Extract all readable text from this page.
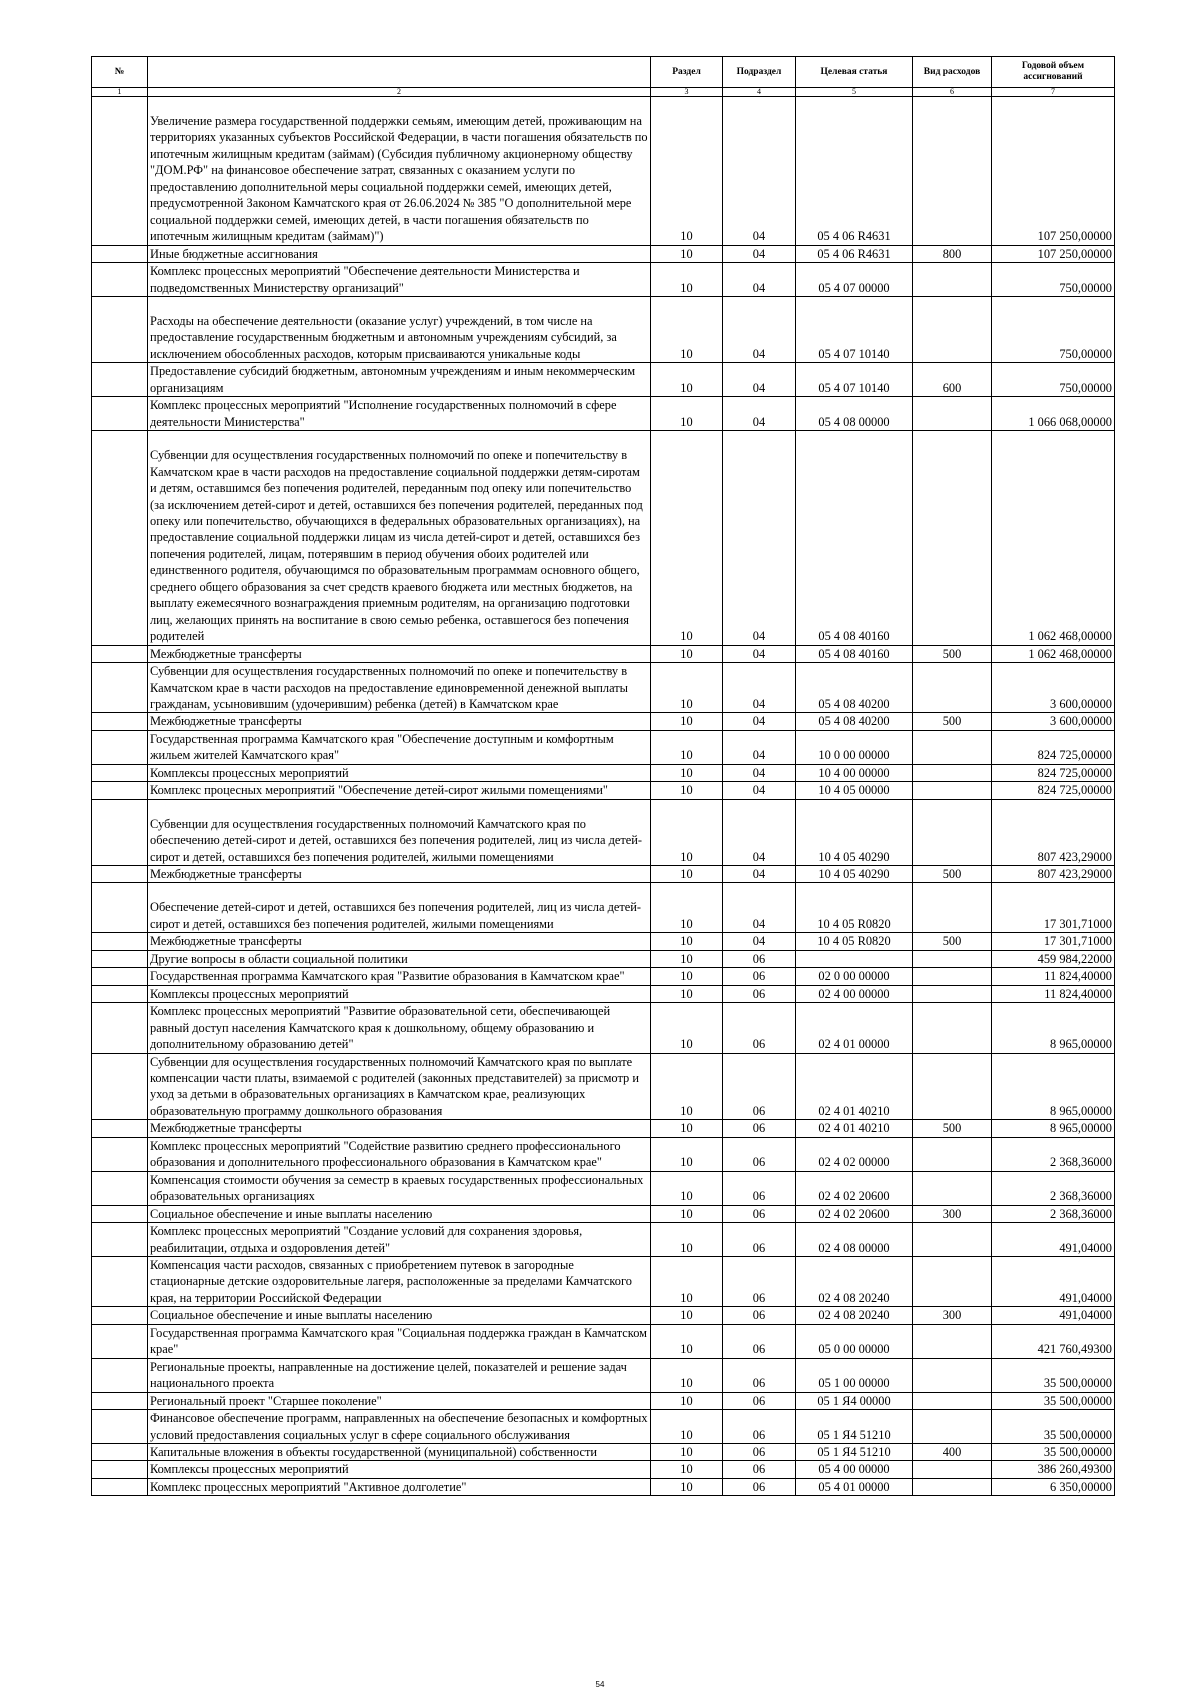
№		Раздел	Подраздел	Целевая статья	Вид расходов	Годовой объем ассигнований
1	2	3	4	5	6	7
	Увеличение размера государственной поддержки семьям, имеющим детей, проживающим на территориях указанных субъектов Российской Федерации, в части погашения обязательств по ипотечным жилищным кредитам (займам) (Субсидия публичному акционерному обществу "ДОМ.РФ" на финансовое обеспечение затрат, связанных с оказанием услуги по предоставлению дополнительной меры социальной поддержки семей, имеющих детей, предусмотренной Законом Камчатского края от 26.06.2024 № 385 "О дополнительной мере социальной поддержки семей, имеющих детей, в части погашения обязательств по ипотечным жилищным кредитам (займам)")	10	04	05 4 06 R4631		107 250,00000
	Иные бюджетные ассигнования	10	04	05 4 06 R4631	800	107 250,00000
	Комплекс процессных мероприятий "Обеспечение деятельности Министерства и подведомственных Министерству организаций"	10	04	05 4 07 00000		750,00000
	Расходы на обеспечение деятельности (оказание услуг) учреждений, в том числе на предоставление государственным бюджетным и автономным учреждениям субсидий, за исключением обособленных расходов, которым присваиваются уникальные коды	10	04	05 4 07 10140		750,00000
	Предоставление субсидий бюджетным, автономным учреждениям и иным некоммерческим организациям	10	04	05 4 07 10140	600	750,00000
	Комплекс процессных мероприятий "Исполнение государственных полномочий в сфере деятельности Министерства"	10	04	05 4 08 00000		1 066 068,00000
	Субвенции для осуществления государственных полномочий по опеке и попечительству в Камчатском крае в части расходов на предоставление социальной поддержки детям-сиротам и детям, оставшимся без попечения родителей, переданным под опеку или попечительство (за исключением детей-сирот и детей, оставшихся без попечения родителей, переданных под опеку или попечительство, обучающихся в федеральных образовательных организациях), на предоставление социальной поддержки лицам из числа детей-сирот и детей, оставшихся без попечения родителей, лицам, потерявшим в период обучения обоих родителей или единственного родителя, обучающимся по образовательным программам основного общего, среднего общего образования за счет средств краевого бюджета или местных бюджетов, на выплату ежемесячного вознаграждения приемным родителям, на организацию подготовки лиц, желающих принять на воспитание в свою семью ребенка, оставшегося без попечения родителей	10	04	05 4 08 40160		1 062 468,00000
	Межбюджетные трансферты	10	04	05 4 08 40160	500	1 062 468,00000
	Субвенции для осуществления государственных полномочий по опеке и попечительству в Камчатском крае в части расходов на предоставление единовременной денежной выплаты гражданам, усыновившим (удочерившим) ребенка (детей) в Камчатском крае	10	04	05 4 08 40200		3 600,00000
	Межбюджетные трансферты	10	04	05 4 08 40200	500	3 600,00000
	Государственная программа Камчатского края "Обеспечение доступным и комфортным жильем жителей Камчатского края"	10	04	10 0 00 00000		824 725,00000
	Комплексы процессных мероприятий	10	04	10 4 00 00000		824 725,00000
	Комплекс процесных мероприятий "Обеспечение детей-сирот жилыми помещениями"	10	04	10 4 05 00000		824 725,00000
	Субвенции для осуществления государственных полномочий Камчатского края по обеспечению детей-сирот и детей, оставшихся без попечения родителей, лиц из числа детей-сирот и детей, оставшихся без попечения родителей, жилыми помещениями	10	04	10 4 05 40290		807 423,29000
	Межбюджетные трансферты	10	04	10 4 05 40290	500	807 423,29000
	Обеспечение детей-сирот и детей, оставшихся без попечения родителей, лиц из числа детей-сирот и детей, оставшихся без попечения родителей, жилыми помещениями	10	04	10 4 05 R0820		17 301,71000
	Межбюджетные трансферты	10	04	10 4 05 R0820	500	17 301,71000
	Другие вопросы в области социальной политики	10	06			459 984,22000
	Государственная программа Камчатского края "Развитие образования в Камчатском крае"	10	06	02 0 00 00000		11 824,40000
	Комплексы процессных мероприятий	10	06	02 4 00 00000		11 824,40000
	Комплекс процессных мероприятий "Развитие образовательной сети, обеспечивающей равный доступ населения Камчатского края к дошкольному, общему образованию и дополнительному образованию детей"	10	06	02 4 01 00000		8 965,00000
	Субвенции для осуществления государственных полномочий Камчатского края по выплате компенсации части платы, взимаемой с родителей (законных представителей) за присмотр и уход за детьми в образовательных организациях в Камчатском крае, реализующих образовательную программу дошкольного образования	10	06	02 4 01 40210		8 965,00000
	Межбюджетные трансферты	10	06	02 4 01 40210	500	8 965,00000
	Комплекс процессных мероприятий "Содействие развитию среднего профессионального образования и дополнительного профессионального образования в Камчатском крае"	10	06	02 4 02 00000		2 368,36000
	Компенсация стоимости обучения за семестр в краевых государственных профессиональных образовательных организациях	10	06	02 4 02 20600		2 368,36000
	Социальное обеспечение и иные выплаты населению	10	06	02 4 02 20600	300	2 368,36000
	Комплекс процессных мероприятий "Создание условий для сохранения здоровья, реабилитации, отдыха и оздоровления детей"	10	06	02 4 08 00000		491,04000
	Компенсация части расходов, связанных с приобретением путевок в загородные стационарные детские оздоровительные лагеря, расположенные за пределами Камчатского края, на территории Российской Федерации	10	06	02 4 08 20240		491,04000
	Социальное обеспечение и иные выплаты населению	10	06	02 4 08 20240	300	491,04000
	Государственная программа Камчатского края "Социальная поддержка граждан в Камчатском крае"	10	06	05 0 00 00000		421 760,49300
	Региональные проекты, направленные на достижение целей, показателей и решение задач национального проекта	10	06	05 1 00 00000		35 500,00000
	Региональный проект "Старшее поколение"	10	06	05 1 Я4 00000		35 500,00000
	Финансовое обеспечение программ, направленных на обеспечение безопасных и комфортных условий предоставления социальных услуг в сфере социального обслуживания	10	06	05 1 Я4 51210		35 500,00000
	Капитальные вложения в объекты государственной (муниципальной) собственности	10	06	05 1 Я4 51210	400	35 500,00000
	Комплексы процессных мероприятий	10	06	05 4 00 00000		386 260,49300
	Комплекс процессных мероприятий "Активное долголетие"	10	06	05 4 01 00000		6 350,00000
54
